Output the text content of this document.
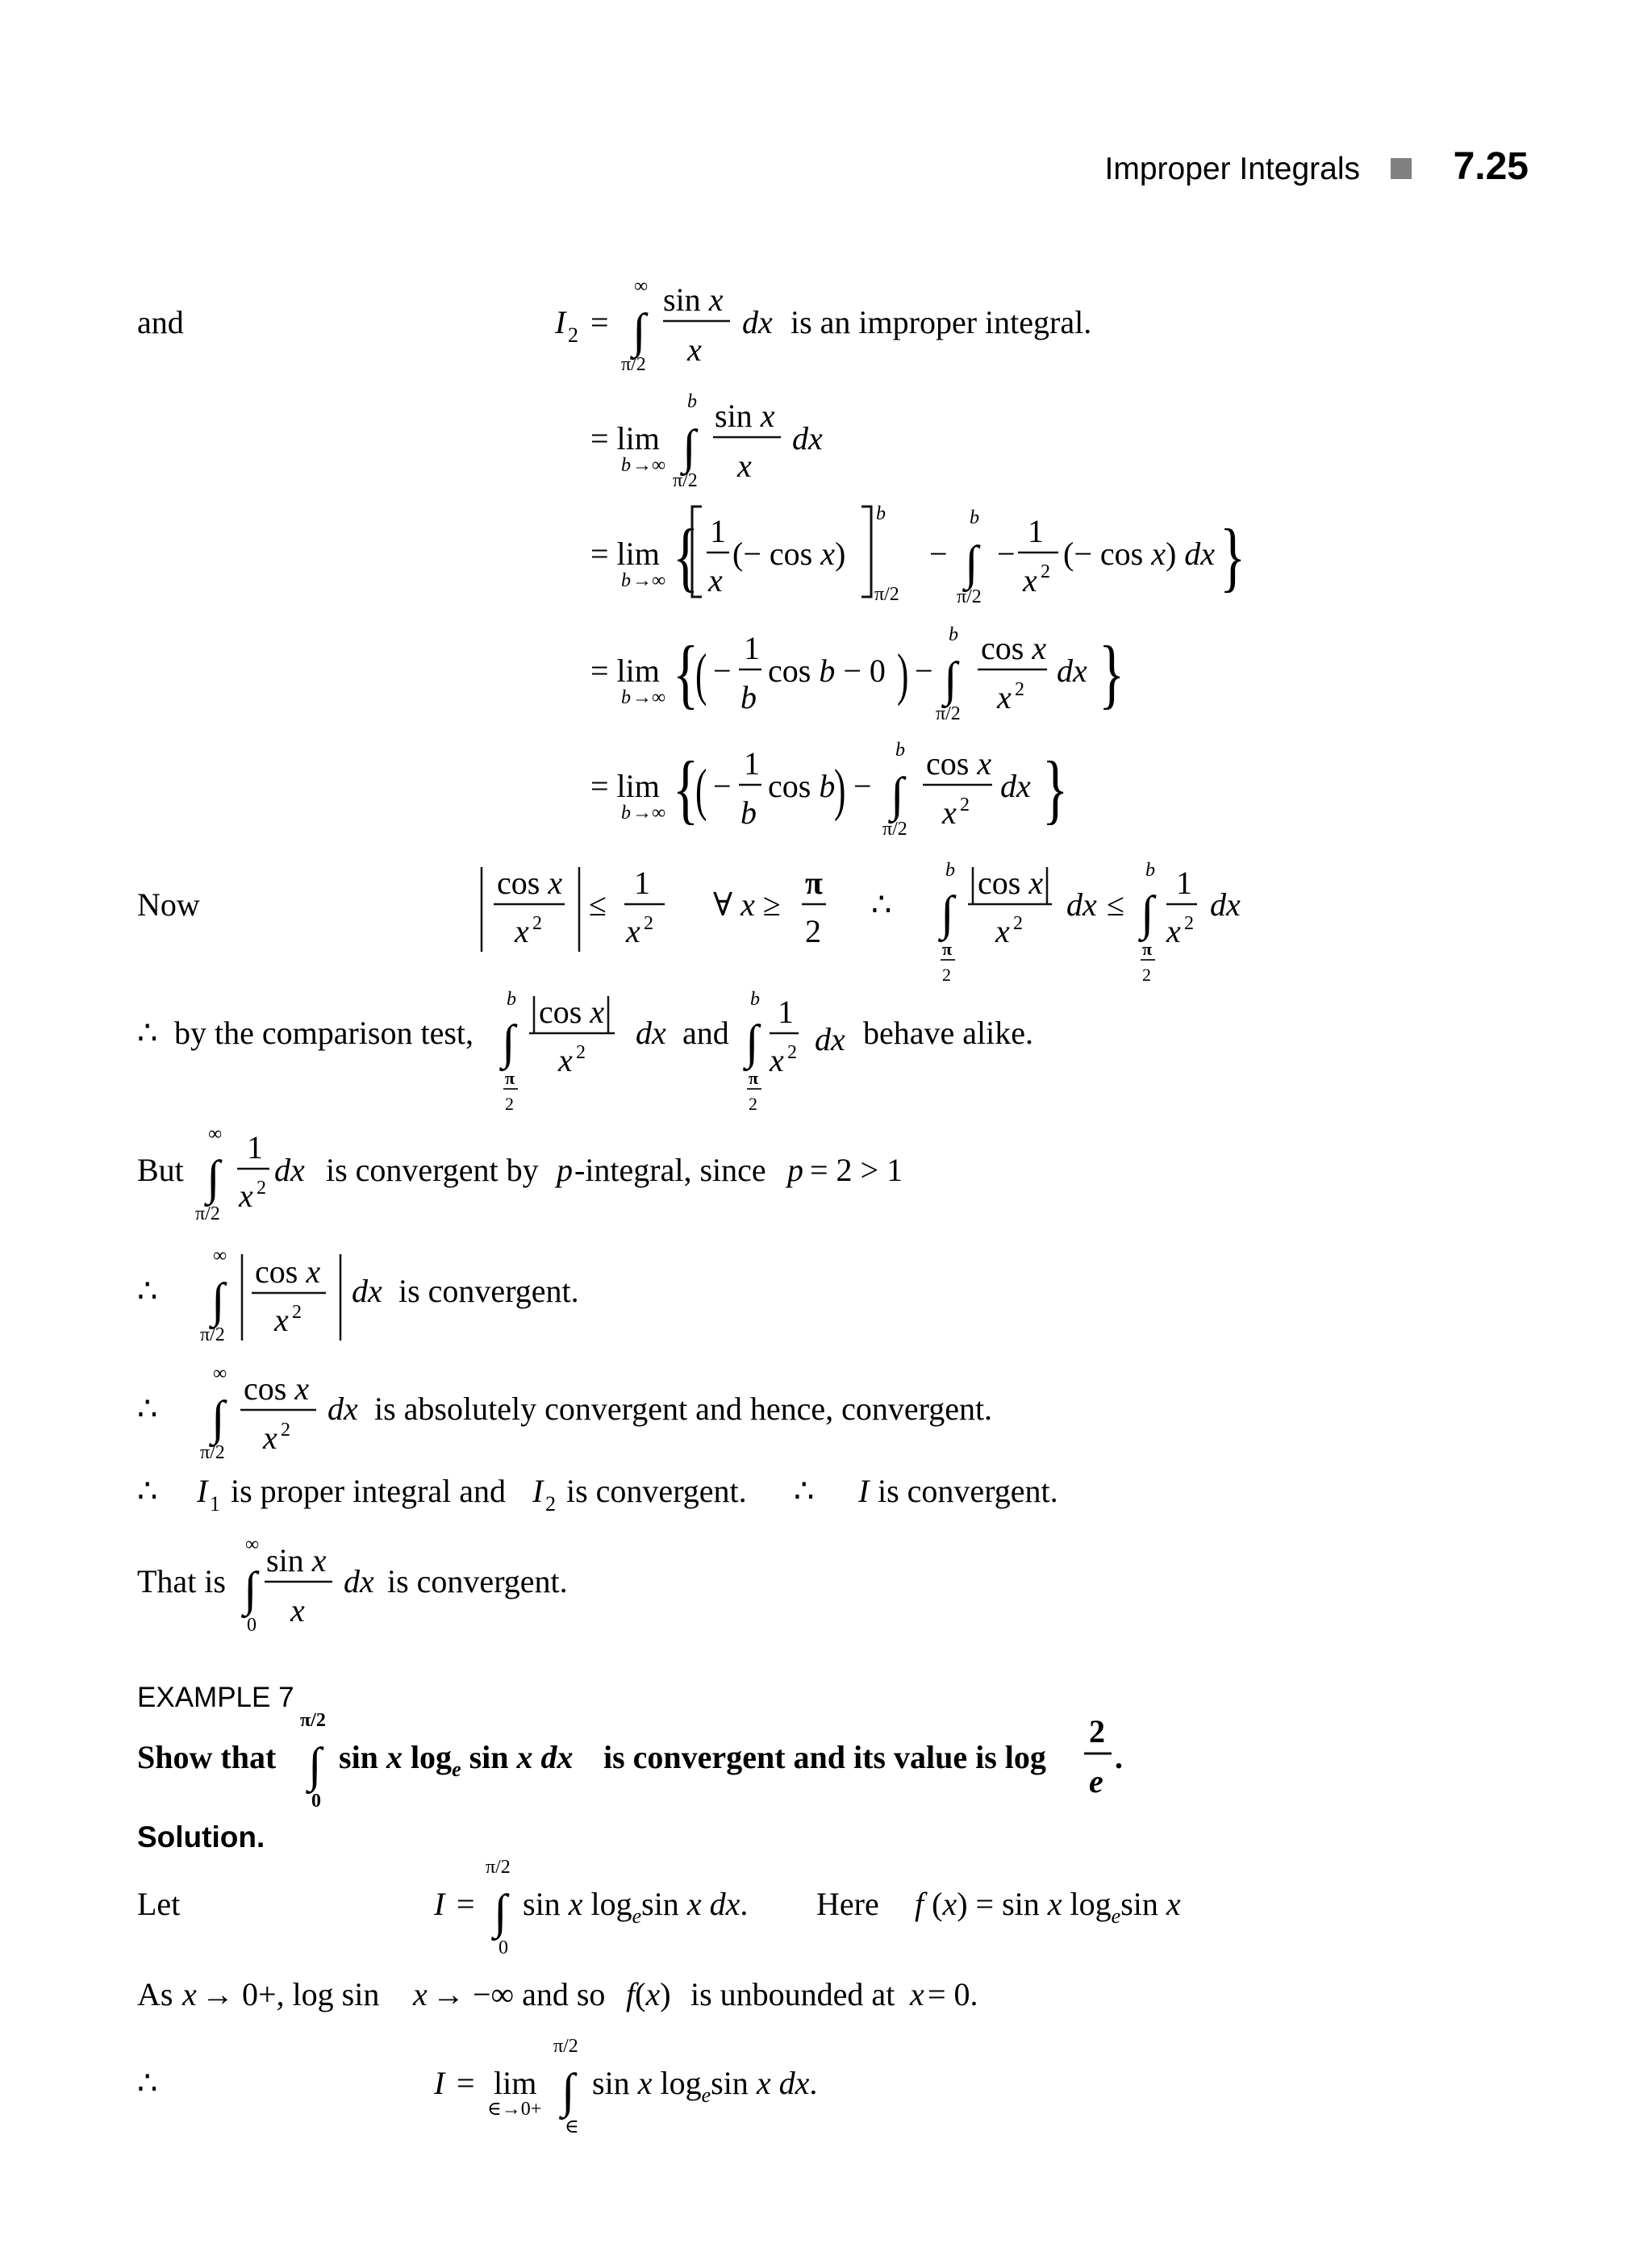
Improper Integrals 7.25
and	I 2 = ∫
∞
π/2
sin x
x
dx is an improper integral.
= lim
b →∞ ∫
b
π/2
sin x
x
dx
= lim
b →∞ { 1
x
(− cos x)
b
π/2
− ∫
b
π/2
−
1
x 2 (− cos x) dx }
= lim
b →∞ {
( −
1
b
cos b − 0 ) − ∫
b
π/2
cos x
x 2
dx }
= lim
b →∞ {
( −
1
b
cos b
) − ∫
b
π/2
cos x
x 2
dx }
Now
cos x
x 2
≤
1
x 2
∀ x ≥
π
2
∴ ∫
b
π
2
cos x
x 2
dx ≤ ∫
b
π
2
1
x 2
dx
∴ by the comparison test, ∫
b
π
2
cos x
x 2
dx and ∫
b
π
2
1
x 2 dx behave alike.
But ∫
∞
π/2
1
x 2 dx is convergent by p -integral, since p = 2 > 1
∴ ∫
∞
π/2
cos x
x 2
dx is convergent.
∴ ∫
∞
π/2
cos x
x 2
dx is absolutely convergent and hence, convergent.
∴ I 1 is proper integral and I 2 is convergent. ∴ I is convergent.
That is ∫
∞
0
sin x
x
dx is convergent.
EXAMPLE 7
Show that ∫
π/2
0
sin x $\log_e \sin x$ dx is convergent and its value is log
2
e
.
Solution.
Let	I = ∫
π/2
0
sin x $\log_e\sin$ x dx. Here f (x) = sin x $\log_e\sin$ x
As x → 0+, log sin x → −∞ and so f(x) is unbounded at x = 0.
∴	I = lim
∈→0+ ∫
π/2
∈
sin x $\log_e\sin$ x dx.
